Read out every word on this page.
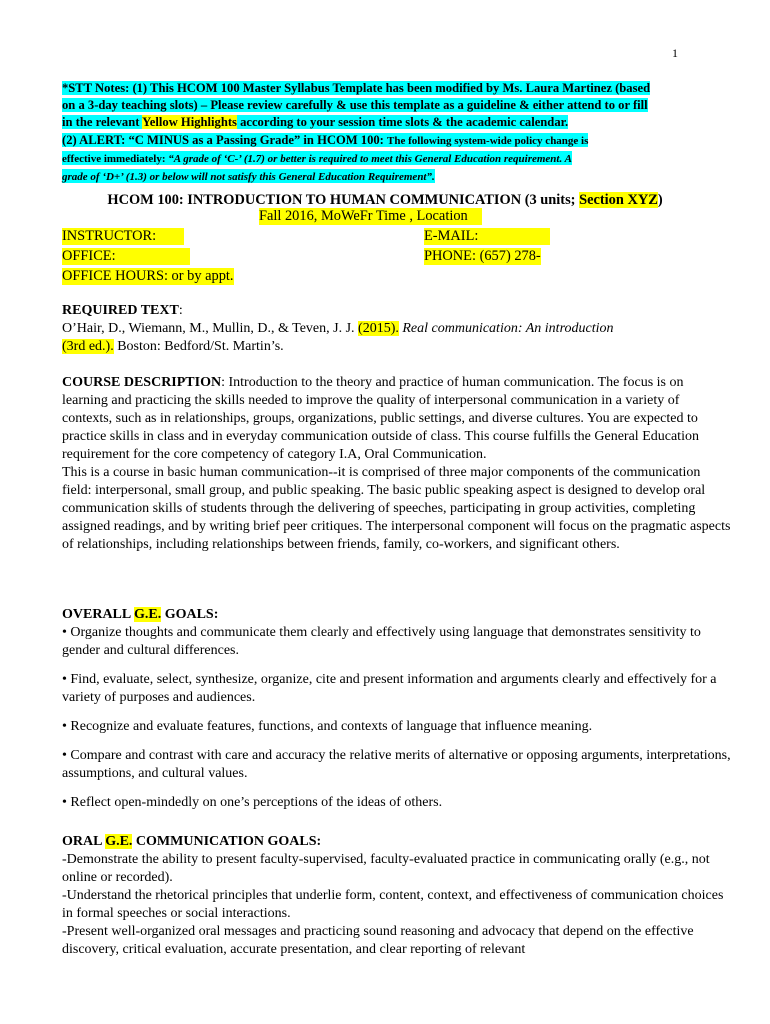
1
*STT Notes: (1) This HCOM 100 Master Syllabus Template has been modified by Ms. Laura Martinez (based
on a 3-day teaching slots) – Please review carefully & use this template as a guideline & either attend to or fill
in the relevant Yellow Highlights according to your session time slots & the academic calendar.
(2) ALERT: “C MINUS as a Passing Grade” in HCOM 100: The following system-wide policy change is
effective immediately: “A grade of ‘C-’ (1.7) or better is required to meet this General Education requirement. A
grade of ‘D+’ (1.3) or below will not satisfy this General Education Requirement”.
HCOM 100: INTRODUCTION TO HUMAN COMMUNICATION (3 units; Section XYZ)
Fall 2016, MoWeFr Time , Location
INSTRUCTOR:
OFFICE:
OFFICE HOURS: or by appt.
E-MAIL:
PHONE: (657) 278-

REQUIRED TEXT:

O’Hair, D., Wiemann, M., Mullin, D., & Teven, J. J. (2015). Real communication: An introduction
(3rd ed.). Boston: Bedford/St. Martin’s.

COURSE DESCRIPTION: Introduction to the theory and practice of human communication. The focus is on learning and practicing the skills needed to improve the quality of interpersonal communication in a variety of contexts, such as in relationships, groups, organizations, public settings, and diverse cultures. You are expected to practice skills in class and in everyday communication outside of class. This course fulfills the General Education requirement for the core competency of category I.A, Oral Communication.

This is a course in basic human communication--it is comprised of three major components of the communication field: interpersonal, small group, and public speaking. The basic public speaking aspect is designed to develop oral communication skills of students through the delivering of speeches, participating in group activities, completing assigned readings, and by writing brief peer critiques. The interpersonal component will focus on the pragmatic aspects of relationships, including relationships between friends, family, co-workers, and significant others.

OVERALL G.E. GOALS:

• Organize thoughts and communicate them clearly and effectively using language that demonstrates sensitivity to gender and cultural differences.

• Find, evaluate, select, synthesize, organize, cite and present information and arguments clearly and effectively for a variety of purposes and audiences.

• Recognize and evaluate features, functions, and contexts of language that influence meaning.

• Compare and contrast with care and accuracy the relative merits of alternative or opposing arguments, interpretations, assumptions, and cultural values.

• Reflect open-mindedly on one’s perceptions of the ideas of others.

ORAL G.E. COMMUNICATION GOALS:

-Demonstrate the ability to present faculty-supervised, faculty-evaluated practice in communicating orally (e.g., not online or recorded).

-Understand the rhetorical principles that underlie form, content, context, and effectiveness of communication choices in formal speeches or social interactions.

-Present well-organized oral messages and practicing sound reasoning and advocacy that depend on the effective discovery, critical evaluation, accurate presentation, and clear reporting of relevant
